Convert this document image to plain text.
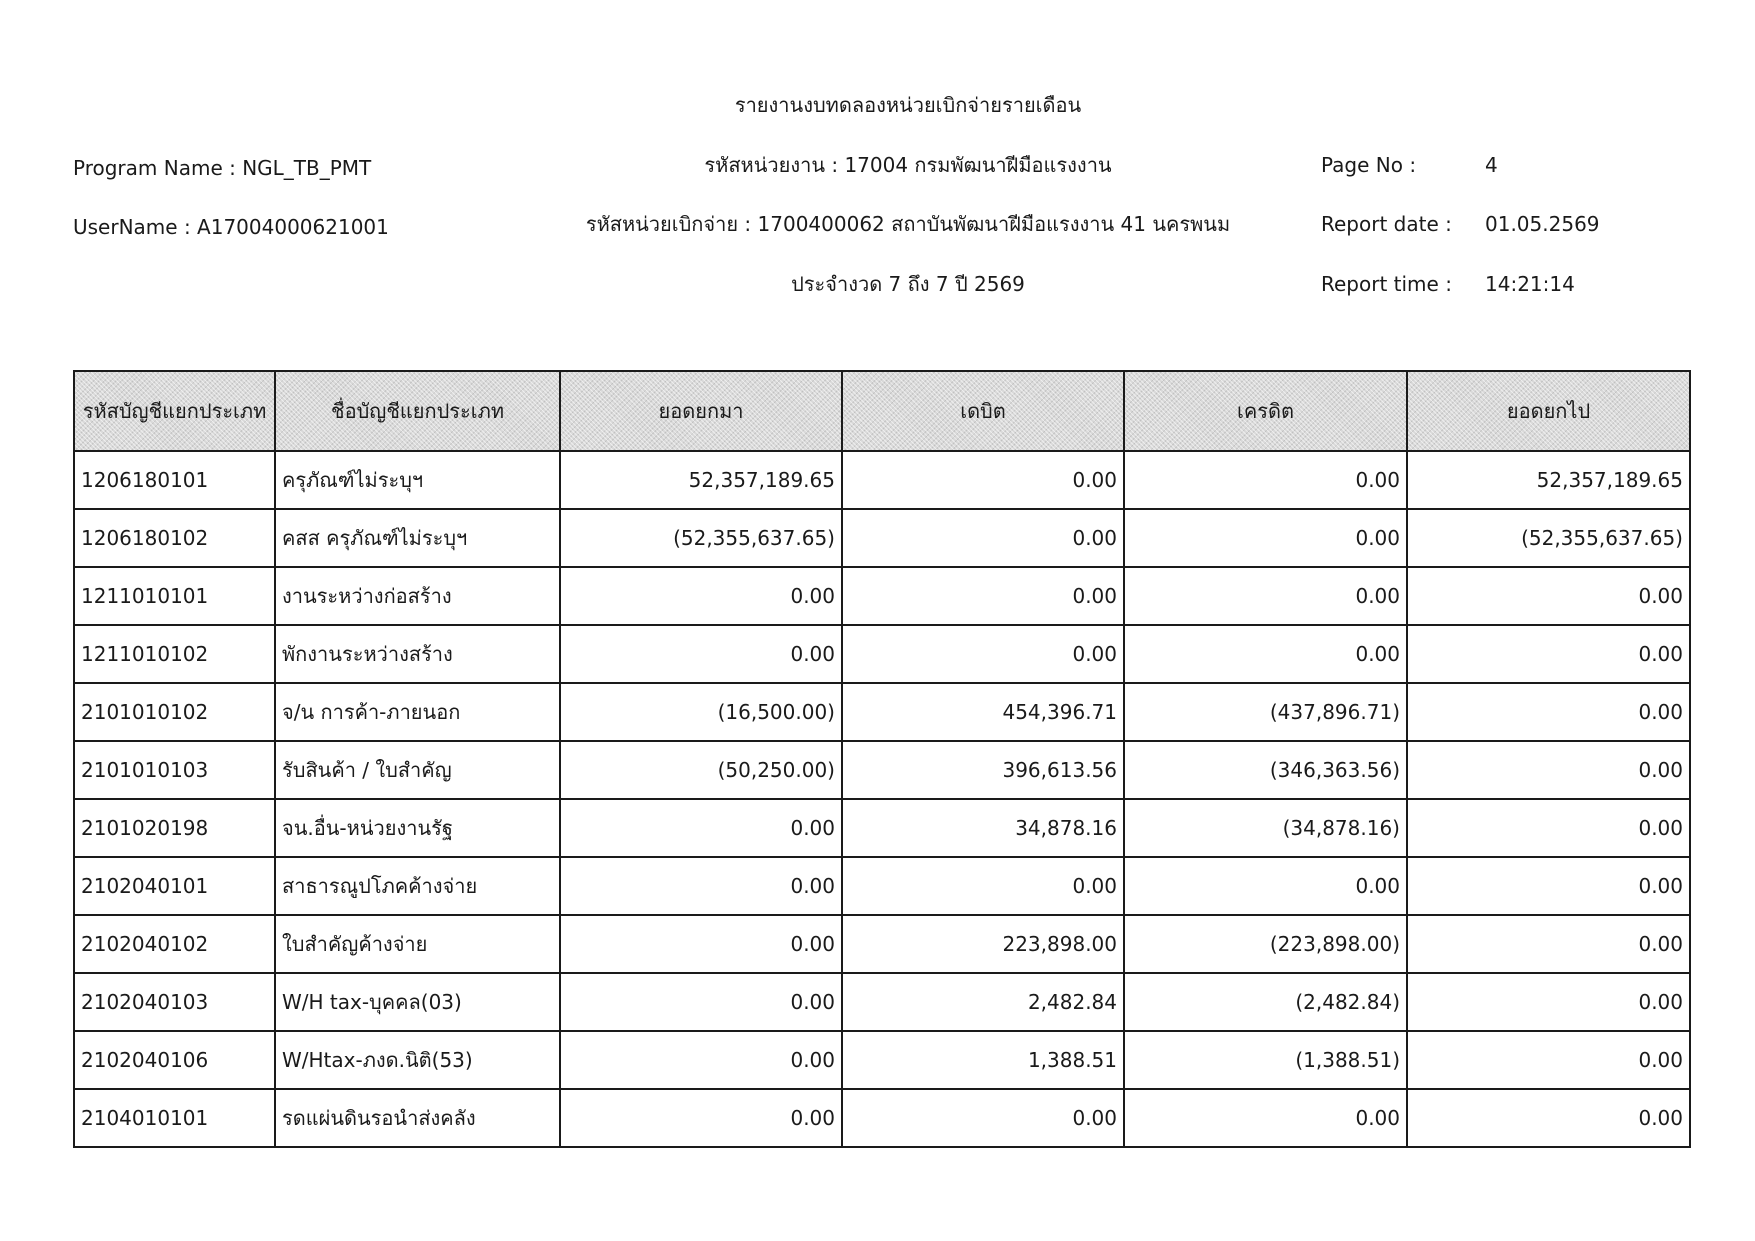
รายงานงบทดลองหน่วยเบิกจ่ายรายเดือน
Program Name : NGL_TB_PMT	รหัสหน่วยงาน : 17004 กรมพัฒนาฝีมือแรงงาน	Page No :	4
UserName : A17004000621001	รหัสหน่วยเบิกจ่าย : 1700400062 สถาบันพัฒนาฝีมือแรงงาน 41 นครพนม	Report date : 01.05.2569
ประจำงวด 7 ถึง 7 ปี 2569	Report time : 14:21:14
รหัสบัญชีแยกประเภท	ชื่อบัญชีแยกประเภท	ยอดยกมา	เดบิต	เครดิต	ยอดยกไป
1206180101	ครุภัณฑ์ไม่ระบุฯ	52,357,189.65	0.00	0.00	52,357,189.65
1206180102	คสส ครุภัณฑ์ไม่ระบุฯ	(52,355,637.65)	0.00	0.00	(52,355,637.65)
1211010101	งานระหว่างก่อสร้าง	0.00	0.00	0.00	0.00
1211010102	พักงานระหว่างสร้าง	0.00	0.00	0.00	0.00
2101010102	จ/น การค้า-ภายนอก	(16,500.00)	454,396.71	(437,896.71)	0.00
2101010103	รับสินค้า / ใบสำคัญ	(50,250.00)	396,613.56	(346,363.56)	0.00
2101020198	จน.อื่น-หน่วยงานรัฐ	0.00	34,878.16	(34,878.16)	0.00
2102040101	สาธารณูปโภคค้างจ่าย	0.00	0.00	0.00	0.00
2102040102	ใบสำคัญค้างจ่าย	0.00	223,898.00	(223,898.00)	0.00
2102040103	W/H tax-บุคคล(03)	0.00	2,482.84	(2,482.84)	0.00
2102040106	W/Htax-ภงด.นิติ(53)	0.00	1,388.51	(1,388.51)	0.00
2104010101	รดแผ่นดินรอนำส่งคลัง	0.00	0.00	0.00	0.00
